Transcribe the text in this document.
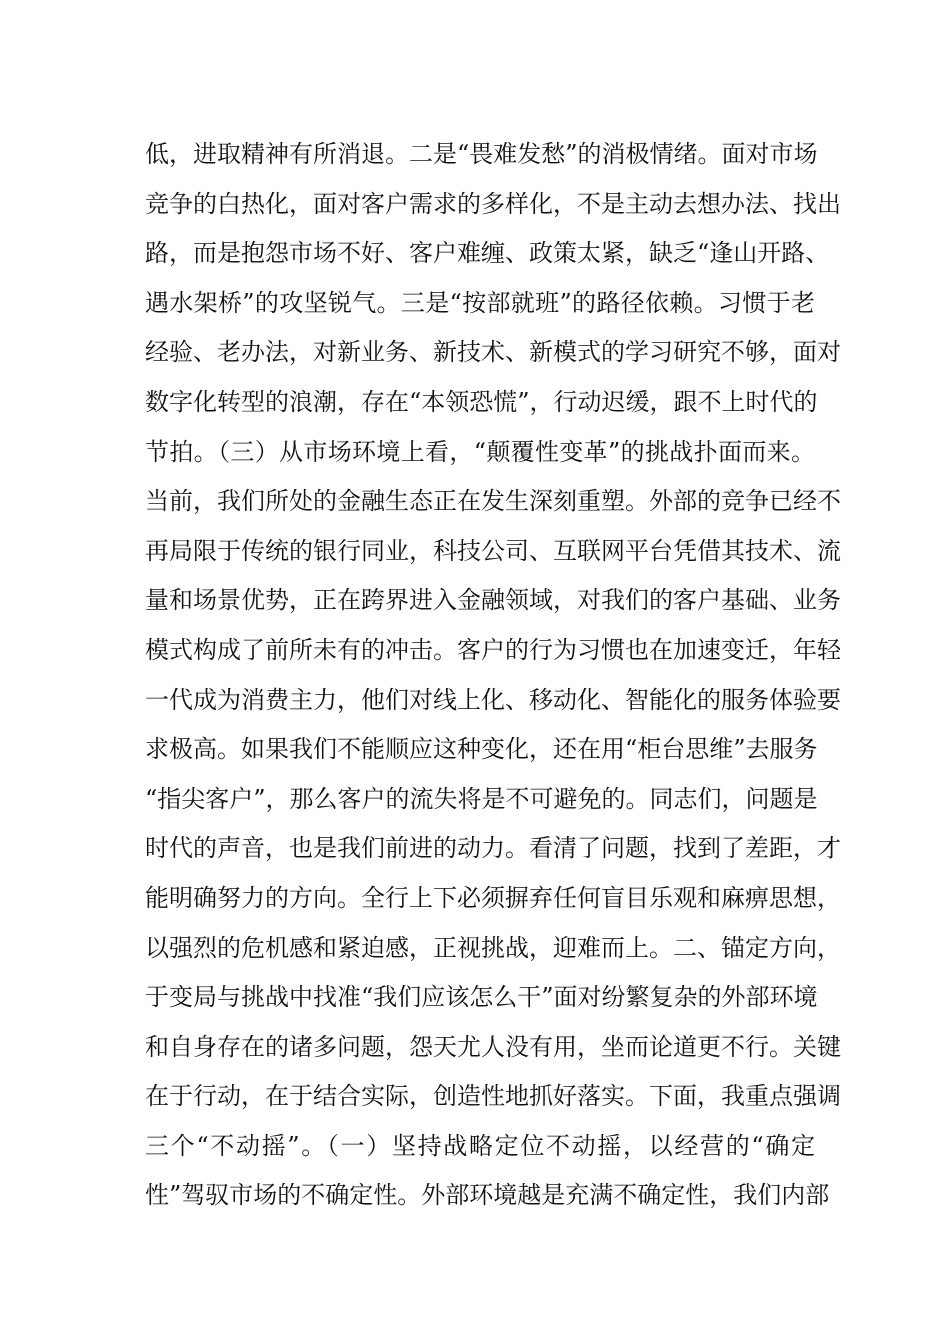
低，进取精神有所消退。二是“畏难发愁”的消极情绪。面对市场
竞争的白热化，面对客户需求的多样化，不是主动去想办法、找出
路，而是抱怨市场不好、客户难缠、政策太紧，缺乏“逢山开路、
遇水架桥”的攻坚锐气。三是“按部就班”的路径依赖。习惯于老
经验、老办法，对新业务、新技术、新模式的学习研究不够，面对
数字化转型的浪潮，存在“本领恐慌”，行动迟缓，跟不上时代的
节拍。（三）从市场环境上看，“颠覆性变革”的挑战扑面而来。
当前，我们所处的金融生态正在发生深刻重塑。外部的竞争已经不
再局限于传统的银行同业，科技公司、互联网平台凭借其技术、流
量和场景优势，正在跨界进入金融领域，对我们的客户基础、业务
模式构成了前所未有的冲击。客户的行为习惯也在加速变迁，年轻
一代成为消费主力，他们对线上化、移动化、智能化的服务体验要
求极高。如果我们不能顺应这种变化，还在用“柜台思维”去服务
“指尖客户”，那么客户的流失将是不可避免的。同志们，问题是
时代的声音，也是我们前进的动力。看清了问题，找到了差距，才
能明确努力的方向。全行上下必须摒弃任何盲目乐观和麻痹思想，
以强烈的危机感和紧迫感，正视挑战，迎难而上。二、锚定方向，
于变局与挑战中找准“我们应该怎么干”面对纷繁复杂的外部环境
和自身存在的诸多问题，怨天尤人没有用，坐而论道更不行。关键
在于行动，在于结合实际，创造性地抓好落实。下面，我重点强调
三个“不动摇”。（一）坚持战略定位不动摇，以经营的“确定
性”驾驭市场的不确定性。外部环境越是充满不确定性，我们内部
